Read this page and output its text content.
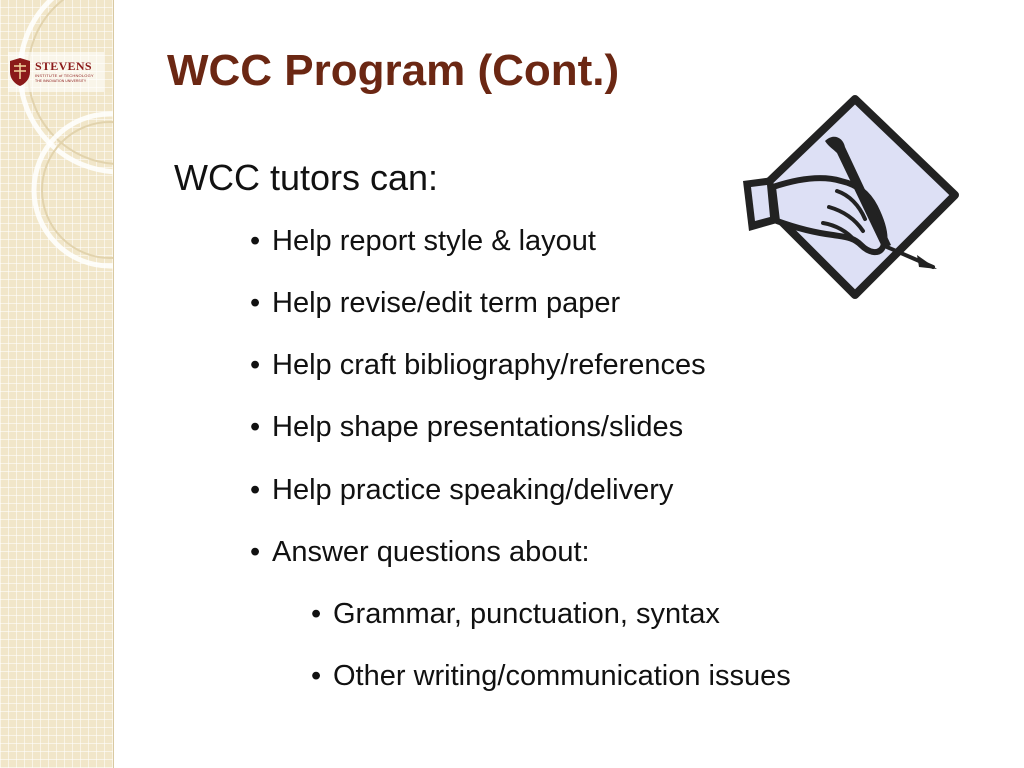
STEVENS
INSTITUTE of TECHNOLOGY
THE INNOVATION UNIVERSITY WCC Program (Cont.)
WCC tutors can:
• Help report style & layout
• Help revise/edit term paper
• Help craft bibliography/references
• Help shape presentations/slides
• Help practice speaking/delivery
• Answer questions about:
• Grammar, punctuation, syntax
• Other writing/communication issues
